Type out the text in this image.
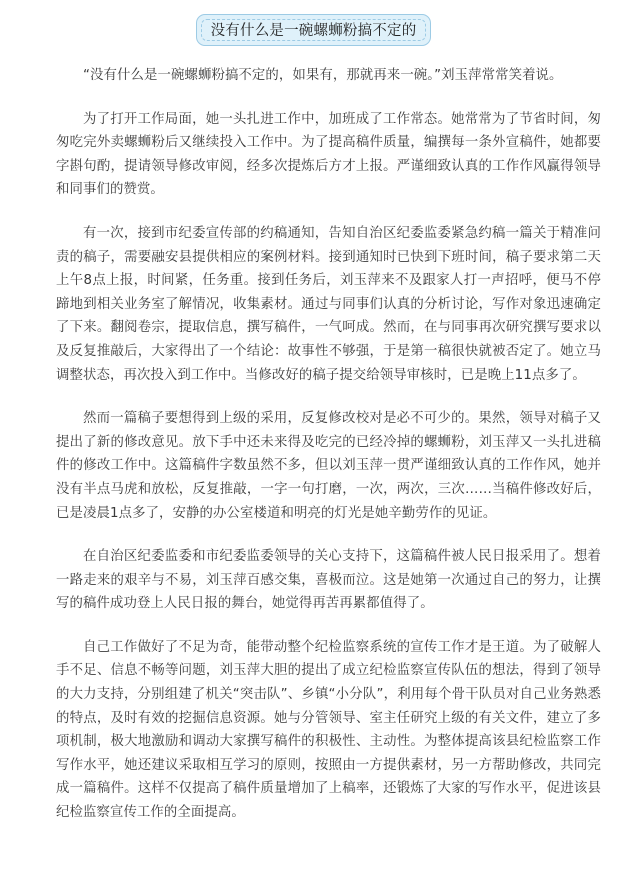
没有什么是一碗螺蛳粉搞不定的

“没有什么是一碗螺蛳粉搞不定的，如果有，那就再来一碗。”刘玉萍常常笑着说。

为了打开工作局面，她一头扎进工作中，加班成了工作常态。她常常为了节省时间，匆匆吃完外卖螺蛳粉后又继续投入工作中。为了提高稿件质量，编撰每一条外宣稿件，她都要字斟句酌，提请领导修改审阅，经多次提炼后方才上报。严谨细致认真的工作作风赢得领导和同事们的赞赏。

有一次，接到市纪委宣传部的约稿通知，告知自治区纪委监委紧急约稿一篇关于精准问责的稿子，需要融安县提供相应的案例材料。接到通知时已快到下班时间，稿子要求第二天上午8点上报，时间紧，任务重。接到任务后，刘玉萍来不及跟家人打一声招呼，便马不停蹄地到相关业务室了解情况，收集素材。通过与同事们认真的分析讨论，写作对象迅速确定了下来。翻阅卷宗，提取信息，撰写稿件，一气呵成。然而，在与同事再次研究撰写要求以及反复推敲后，大家得出了一个结论：故事性不够强，于是第一稿很快就被否定了。她立马调整状态，再次投入到工作中。当修改好的稿子提交给领导审核时，已是晚上11点多了。

然而一篇稿子要想得到上级的采用，反复修改校对是必不可少的。果然，领导对稿子又提出了新的修改意见。放下手中还未来得及吃完的已经冷掉的螺蛳粉，刘玉萍又一头扎进稿件的修改工作中。这篇稿件字数虽然不多，但以刘玉萍一贯严谨细致认真的工作作风，她并没有半点马虎和放松，反复推敲，一字一句打磨，一次，两次，三次……当稿件修改好后，已是凌晨1点多了，安静的办公室楼道和明亮的灯光是她辛勤劳作的见证。

在自治区纪委监委和市纪委监委领导的关心支持下，这篇稿件被人民日报采用了。想着一路走来的艰辛与不易，刘玉萍百感交集，喜极而泣。这是她第一次通过自己的努力，让撰写的稿件成功登上人民日报的舞台，她觉得再苦再累都值得了。

自己工作做好了不足为奇，能带动整个纪检监察系统的宣传工作才是王道。为了破解人手不足、信息不畅等问题，刘玉萍大胆的提出了成立纪检监察宣传队伍的想法，得到了领导的大力支持，分别组建了机关“突击队”、乡镇“小分队”，利用每个骨干队员对自己业务熟悉的特点，及时有效的挖掘信息资源。她与分管领导、室主任研究上级的有关文件，建立了多项机制，极大地激励和调动大家撰写稿件的积极性、主动性。为整体提高该县纪检监察工作写作水平，她还建议采取相互学习的原则，按照由一方提供素材，另一方帮助修改，共同完成一篇稿件。这样不仅提高了稿件质量增加了上稿率，还锻炼了大家的写作水平，促进该县纪检监察宣传工作的全面提高。
